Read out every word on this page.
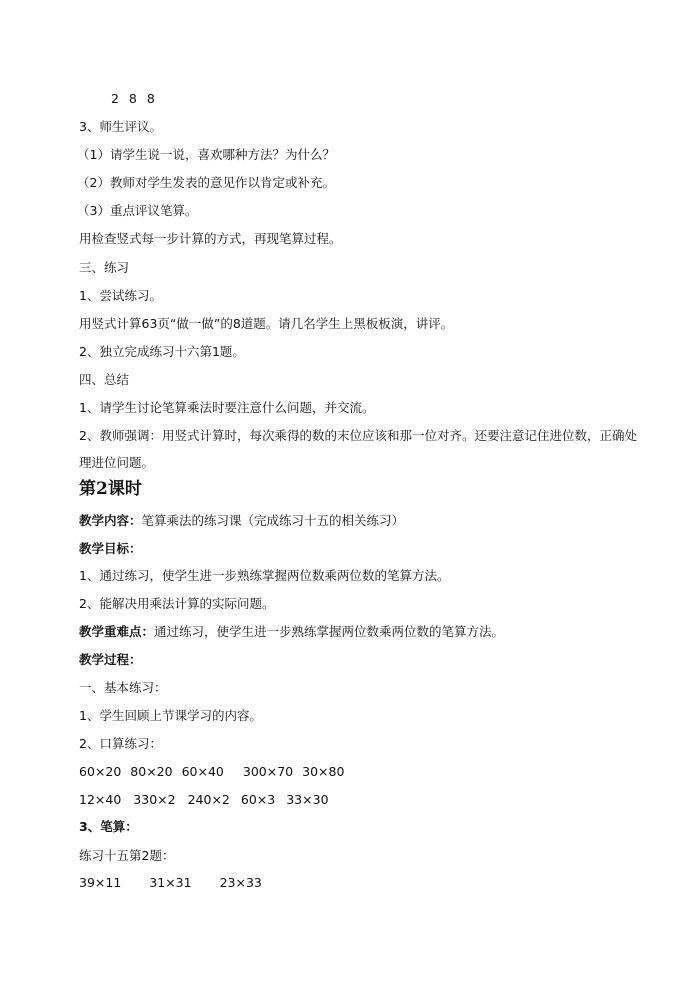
2 8 8
3、师生评议。
（1）请学生说一说，喜欢哪种方法？为什么？
（2）教师对学生发表的意见作以肯定或补充。
（3）重点评议笔算。
用检查竖式每一步计算的方式，再现笔算过程。
三、练习
1、尝试练习。
用竖式计算63页“做一做”的8道题。请几名学生上黑板板演，讲评。
2、独立完成练习十六第1题。
四、总结
1、请学生讨论笔算乘法时要注意什么问题，并交流。
2、教师强调：用竖式计算时，每次乘得的数的末位应该和那一位对齐。还要注意记住进位数，正确处
理进位问题。
第2课时
教学内容：笔算乘法的练习课（完成练习十五的相关练习）
教学目标：
1、通过练习，使学生进一步熟练掌握两位数乘两位数的笔算方法。
2、能解决用乘法计算的实际问题。
教学重难点：通过练习，使学生进一步熟练掌握两位数乘两位数的笔算方法。
教学过程：
一、基本练习：
1、学生回顾上节课学习的内容。
2、口算练习：
60×20 80×20 60×40 300×70 30×80
12×40 330×2 240×2 60×3 33×30
3、笔算：
练习十五第2题：
39×11 31×31 23×33
